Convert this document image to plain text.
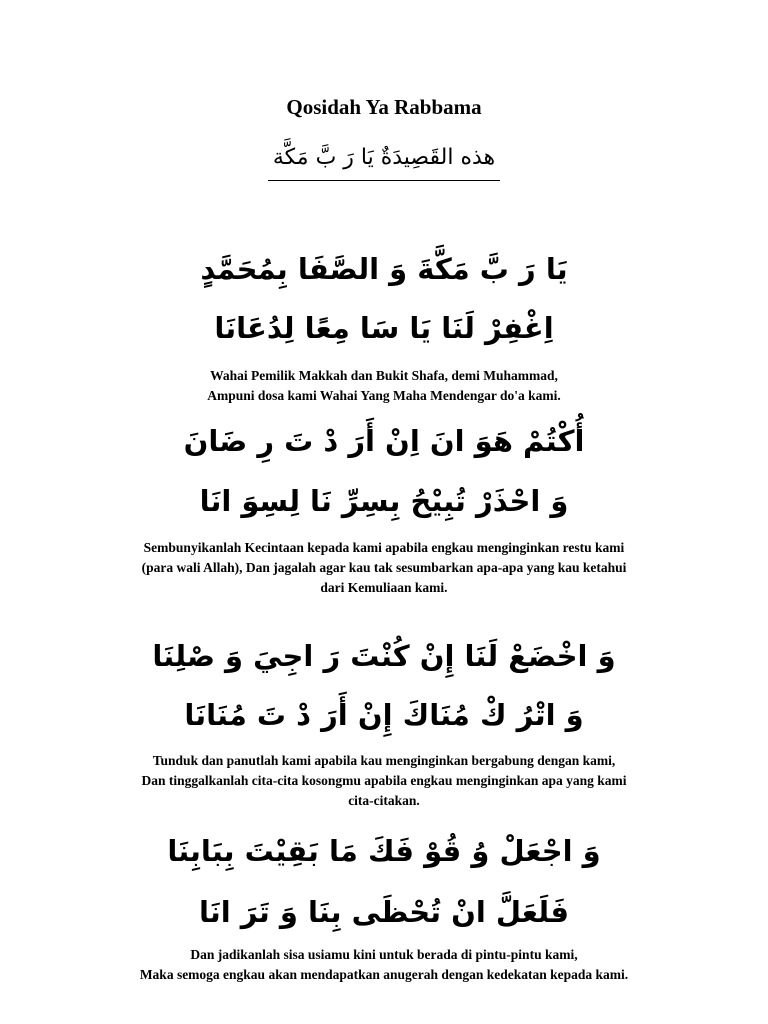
Qosidah Ya Rabbama
هذه القَصِيدَةٌ يَا رَ بَّ مَكَّة
يَا رَ بَّ مَكَّةَ وَ الصَّفَا بِمُحَمَّدٍ
اِغْفِرْ لَنَا يَا سَا مِعًا لِدُعَانَا
Wahai Pemilik Makkah dan Bukit Shafa, demi Muhammad,
Ampuni dosa kami Wahai Yang Maha Mendengar do'a kami.
أُكْتُمْ هَوَ انَ اِنْ أَرَ دْ تَ رِ ضَانَ
وَ احْذَرْ تُبِيْحُ بِسِرِّ نَا لِسِوَ انَا
Sembunyikanlah Kecintaan kepada kami apabila engkau menginginkan restu kami
(para wali Allah), Dan jagalah agar kau tak sesumbarkan apa-apa yang kau ketahui
dari Kemuliaan kami.
وَ اخْضَعْ لَنَا إِنْ كُنْتَ رَ اجِيَ وَ صْلِنَا
وَ اتْرُ كْ مُنَاكَ إِنْ أَرَ دْ تَ مُنَانَا
Tunduk dan panutlah kami apabila kau menginginkan bergabung dengan kami,
Dan tinggalkanlah cita-cita kosongmu apabila engkau menginginkan apa yang kami
cita-citakan.
وَ اجْعَلْ وُ قُوْ فَكَ مَا بَقِيْتَ بِبَابِنَا
فَلَعَلَّ انْ تُحْظَى بِنَا وَ تَرَ انَا
Dan jadikanlah sisa usiamu kini untuk berada di pintu-pintu kami,
Maka semoga engkau akan mendapatkan anugerah dengan kedekatan kepada kami.
